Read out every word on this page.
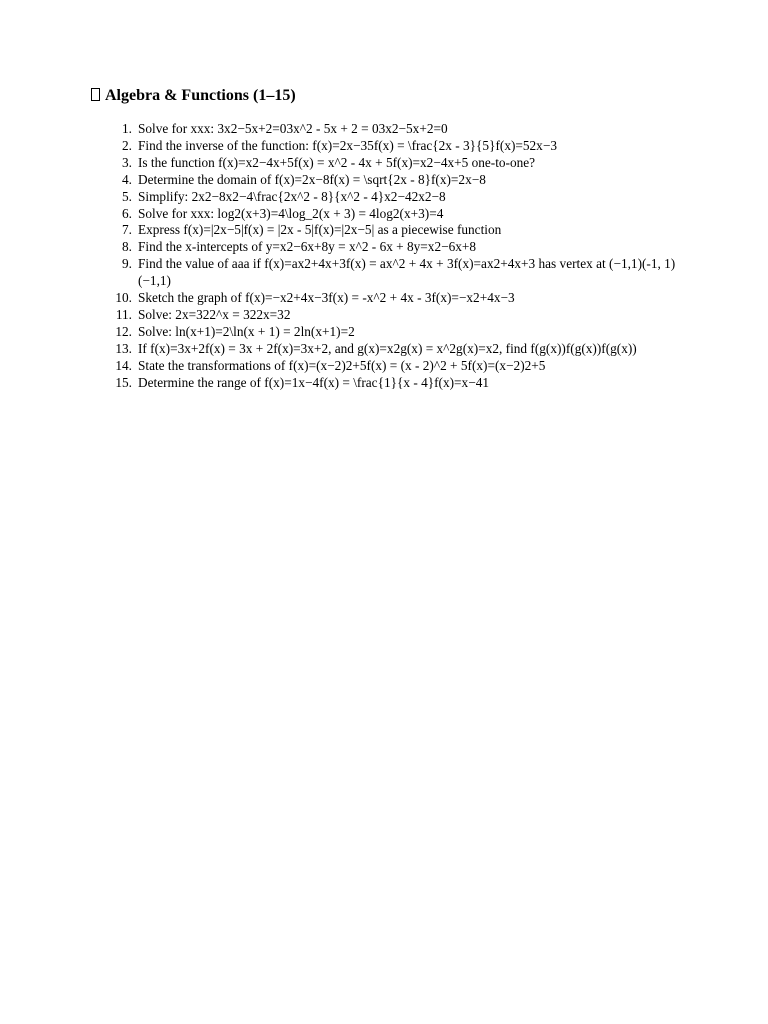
Algebra & Functions (1–15)
1. Solve for xxx: 3x2−5x+2=03x^2 - 5x + 2 = 03x2−5x+2=0
2. Find the inverse of the function: f(x)=2x−35f(x) = \frac{2x - 3}{5}f(x)=52x−3
3. Is the function f(x)=x2−4x+5f(x) = x^2 - 4x + 5f(x)=x2−4x+5 one-to-one?
4. Determine the domain of f(x)=2x−8f(x) = \sqrt{2x - 8}f(x)=2x−8
5. Simplify: 2x2−8x2−4\frac{2x^2 - 8}{x^2 - 4}x2−42x2−8
6. Solve for xxx: log2(x+3)=4\log_2(x + 3) = 4log2(x+3)=4
7. Express f(x)=|2x−5|f(x) = |2x - 5|f(x)=|2x−5| as a piecewise function
8. Find the x-intercepts of y=x2−6x+8y = x^2 - 6x + 8y=x2−6x+8
9. Find the value of aaa if f(x)=ax2+4x+3f(x) = ax^2 + 4x + 3f(x)=ax2+4x+3 has vertex at (−1,1)(-1, 1)(−1,1)
10. Sketch the graph of f(x)=−x2+4x−3f(x) = -x^2 + 4x - 3f(x)=−x2+4x−3
11. Solve: 2x=322^x = 322x=32
12. Solve: ln(x+1)=2\ln(x + 1) = 2ln(x+1)=2
13. If f(x)=3x+2f(x) = 3x + 2f(x)=3x+2, and g(x)=x2g(x) = x^2g(x)=x2, find f(g(x))f(g(x))f(g(x))
14. State the transformations of f(x)=(x−2)2+5f(x) = (x - 2)^2 + 5f(x)=(x−2)2+5
15. Determine the range of f(x)=1x−4f(x) = \frac{1}{x - 4}f(x)=x−41
